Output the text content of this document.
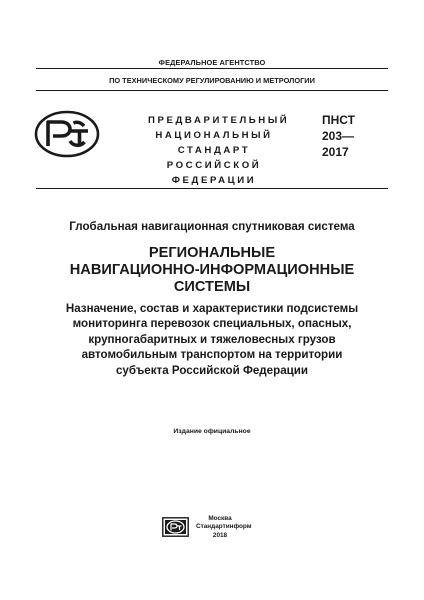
ФЕДЕРАЛЬНОЕ АГЕНТСТВО
ПО ТЕХНИЧЕСКОМУ РЕГУЛИРОВАНИЮ И МЕТРОЛОГИИ
ПРЕДВАРИТЕЛЬНЫЙ
НАЦИОНАЛЬНЫЙ
СТАНДАРТ
РОССИЙСКОЙ
ФЕДЕРАЦИИ
ПНСТ
203—
2017
Глобальная навигационная спутниковая система
РЕГИОНАЛЬНЫЕ
НАВИГАЦИОННО-ИНФОРМАЦИОННЫЕ
СИСТЕМЫ
Назначение, состав и характеристики подсистемы
мониторинга перевозок специальных, опасных,
крупногабаритных и тяжеловесных грузов
автомобильным транспортом на территории
субъекта Российской Федерации
Издание официальное
Москва
Стандартинформ
2018
